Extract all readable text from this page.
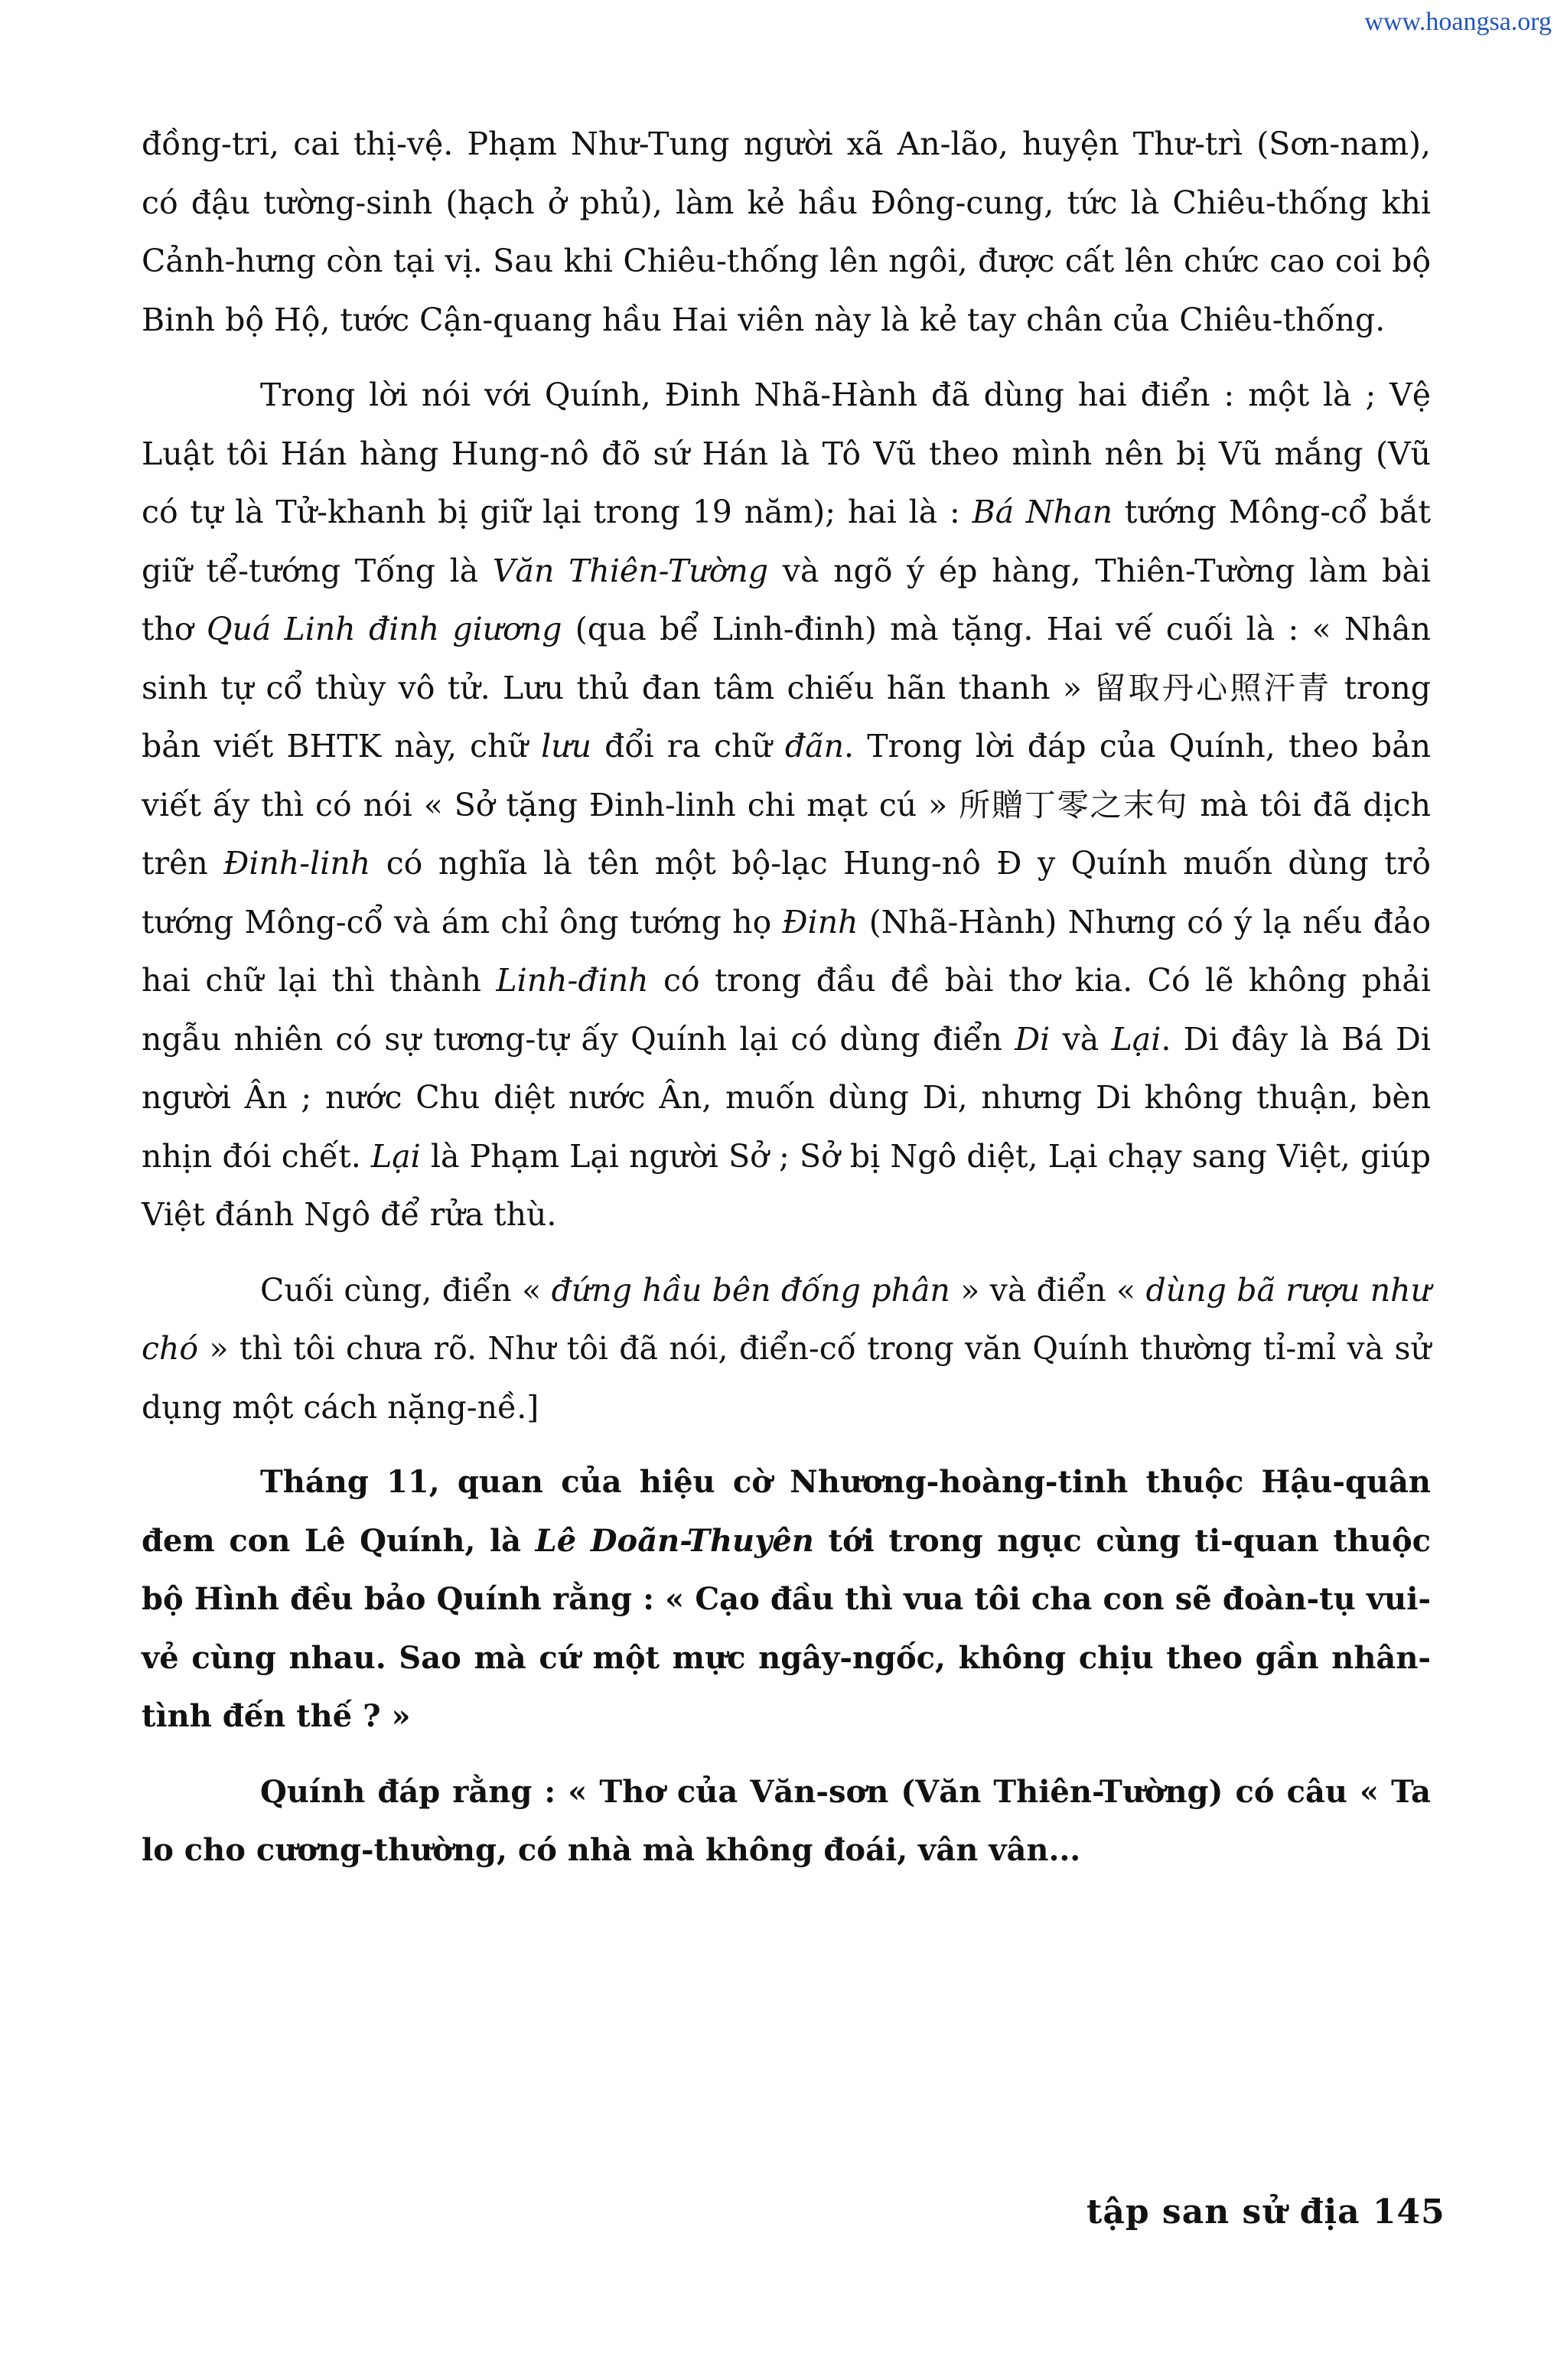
www.hoangsa.org

đồng-tri, cai thị-vệ. Phạm Như-Tung người xã An-lão, huyện Thư-trì (Sơn-nam), có đậu tường-sinh (hạch ở phủ), làm kẻ hầu Đông-cung, tức là Chiêu-thống khi Cảnh-hưng còn tại vị. Sau khi Chiêu-thống lên ngôi, được cất lên chức cao coi bộ Binh bộ Hộ, tước Cận-quang hầu Hai viên này là kẻ tay chân của Chiêu-thống.

Trong lời nói với Quính, Đinh Nhã-Hành đã dùng hai điển : một là ; Vệ Luật tôi Hán hàng Hung-nô đõ sứ Hán là Tô Vũ theo mình nên bị Vũ mắng (Vũ có tự là Tử-khanh bị giữ lại trong 19 năm); hai là : Bá Nhan tướng Mông-cổ bắt giữ tể-tướng Tống là Văn Thiên-Tường và ngõ ý ép hàng, Thiên-Tường làm bài thơ Quá Linh đinh giương (qua bể Linh-đinh) mà tặng. Hai vế cuối là : « Nhân sinh tự cổ thùy vô tử. Lưu thủ đan tâm chiếu hãn thanh » 留取丹心照汗青 trong bản viết BHTK này, chữ lưu đổi ra chữ đãn. Trong lời đáp của Quính, theo bản viết ấy thì có nói « Sở tặng Đinh-linh chi mạt cú » 所贈丁零之末句 mà tôi đã dịch trên Đinh-linh có nghĩa là tên một bộ-lạc Hung-nô Đ y Quính muốn dùng trỏ tướng Mông-cổ và ám chỉ ông tướng họ Đinh (Nhã-Hành) Nhưng có ý lạ nếu đảo hai chữ lại thì thành Linh-đinh có trong đầu đề bài thơ kia. Có lẽ không phải ngẫu nhiên có sự tương-tự ấy Quính lại có dùng điển Di và Lại. Di đây là Bá Di người Ân ; nước Chu diệt nước Ân, muốn dùng Di, nhưng Di không thuận, bèn nhịn đói chết. Lại là Phạm Lại người Sở ; Sở bị Ngô diệt, Lại chạy sang Việt, giúp Việt đánh Ngô để rửa thù.

Cuối cùng, điển « đứng hầu bên đống phân » và điển « dùng bã rượu như chó » thì tôi chưa rõ. Như tôi đã nói, điển-cố trong văn Quính thường tỉ-mỉ và sử dụng một cách nặng-nề.]

Tháng 11, quan của hiệu cờ Nhương-hoàng-tinh thuộc Hậu-quân đem con Lê Quính, là Lê Doãn-Thuyên tới trong ngục cùng ti-quan thuộc bộ Hình đều bảo Quính rằng : « Cạo đầu thì vua tôi cha con sẽ đoàn-tụ vui-vẻ cùng nhau. Sao mà cứ một mực ngây-ngốc, không chịu theo gần nhân-tình đến thế ? »

Quính đáp rằng : « Thơ của Văn-sơn (Văn Thiên-Tường) có câu « Ta lo cho cương-thường, có nhà mà không đoái, vân vân...

tập san sử địa 145
